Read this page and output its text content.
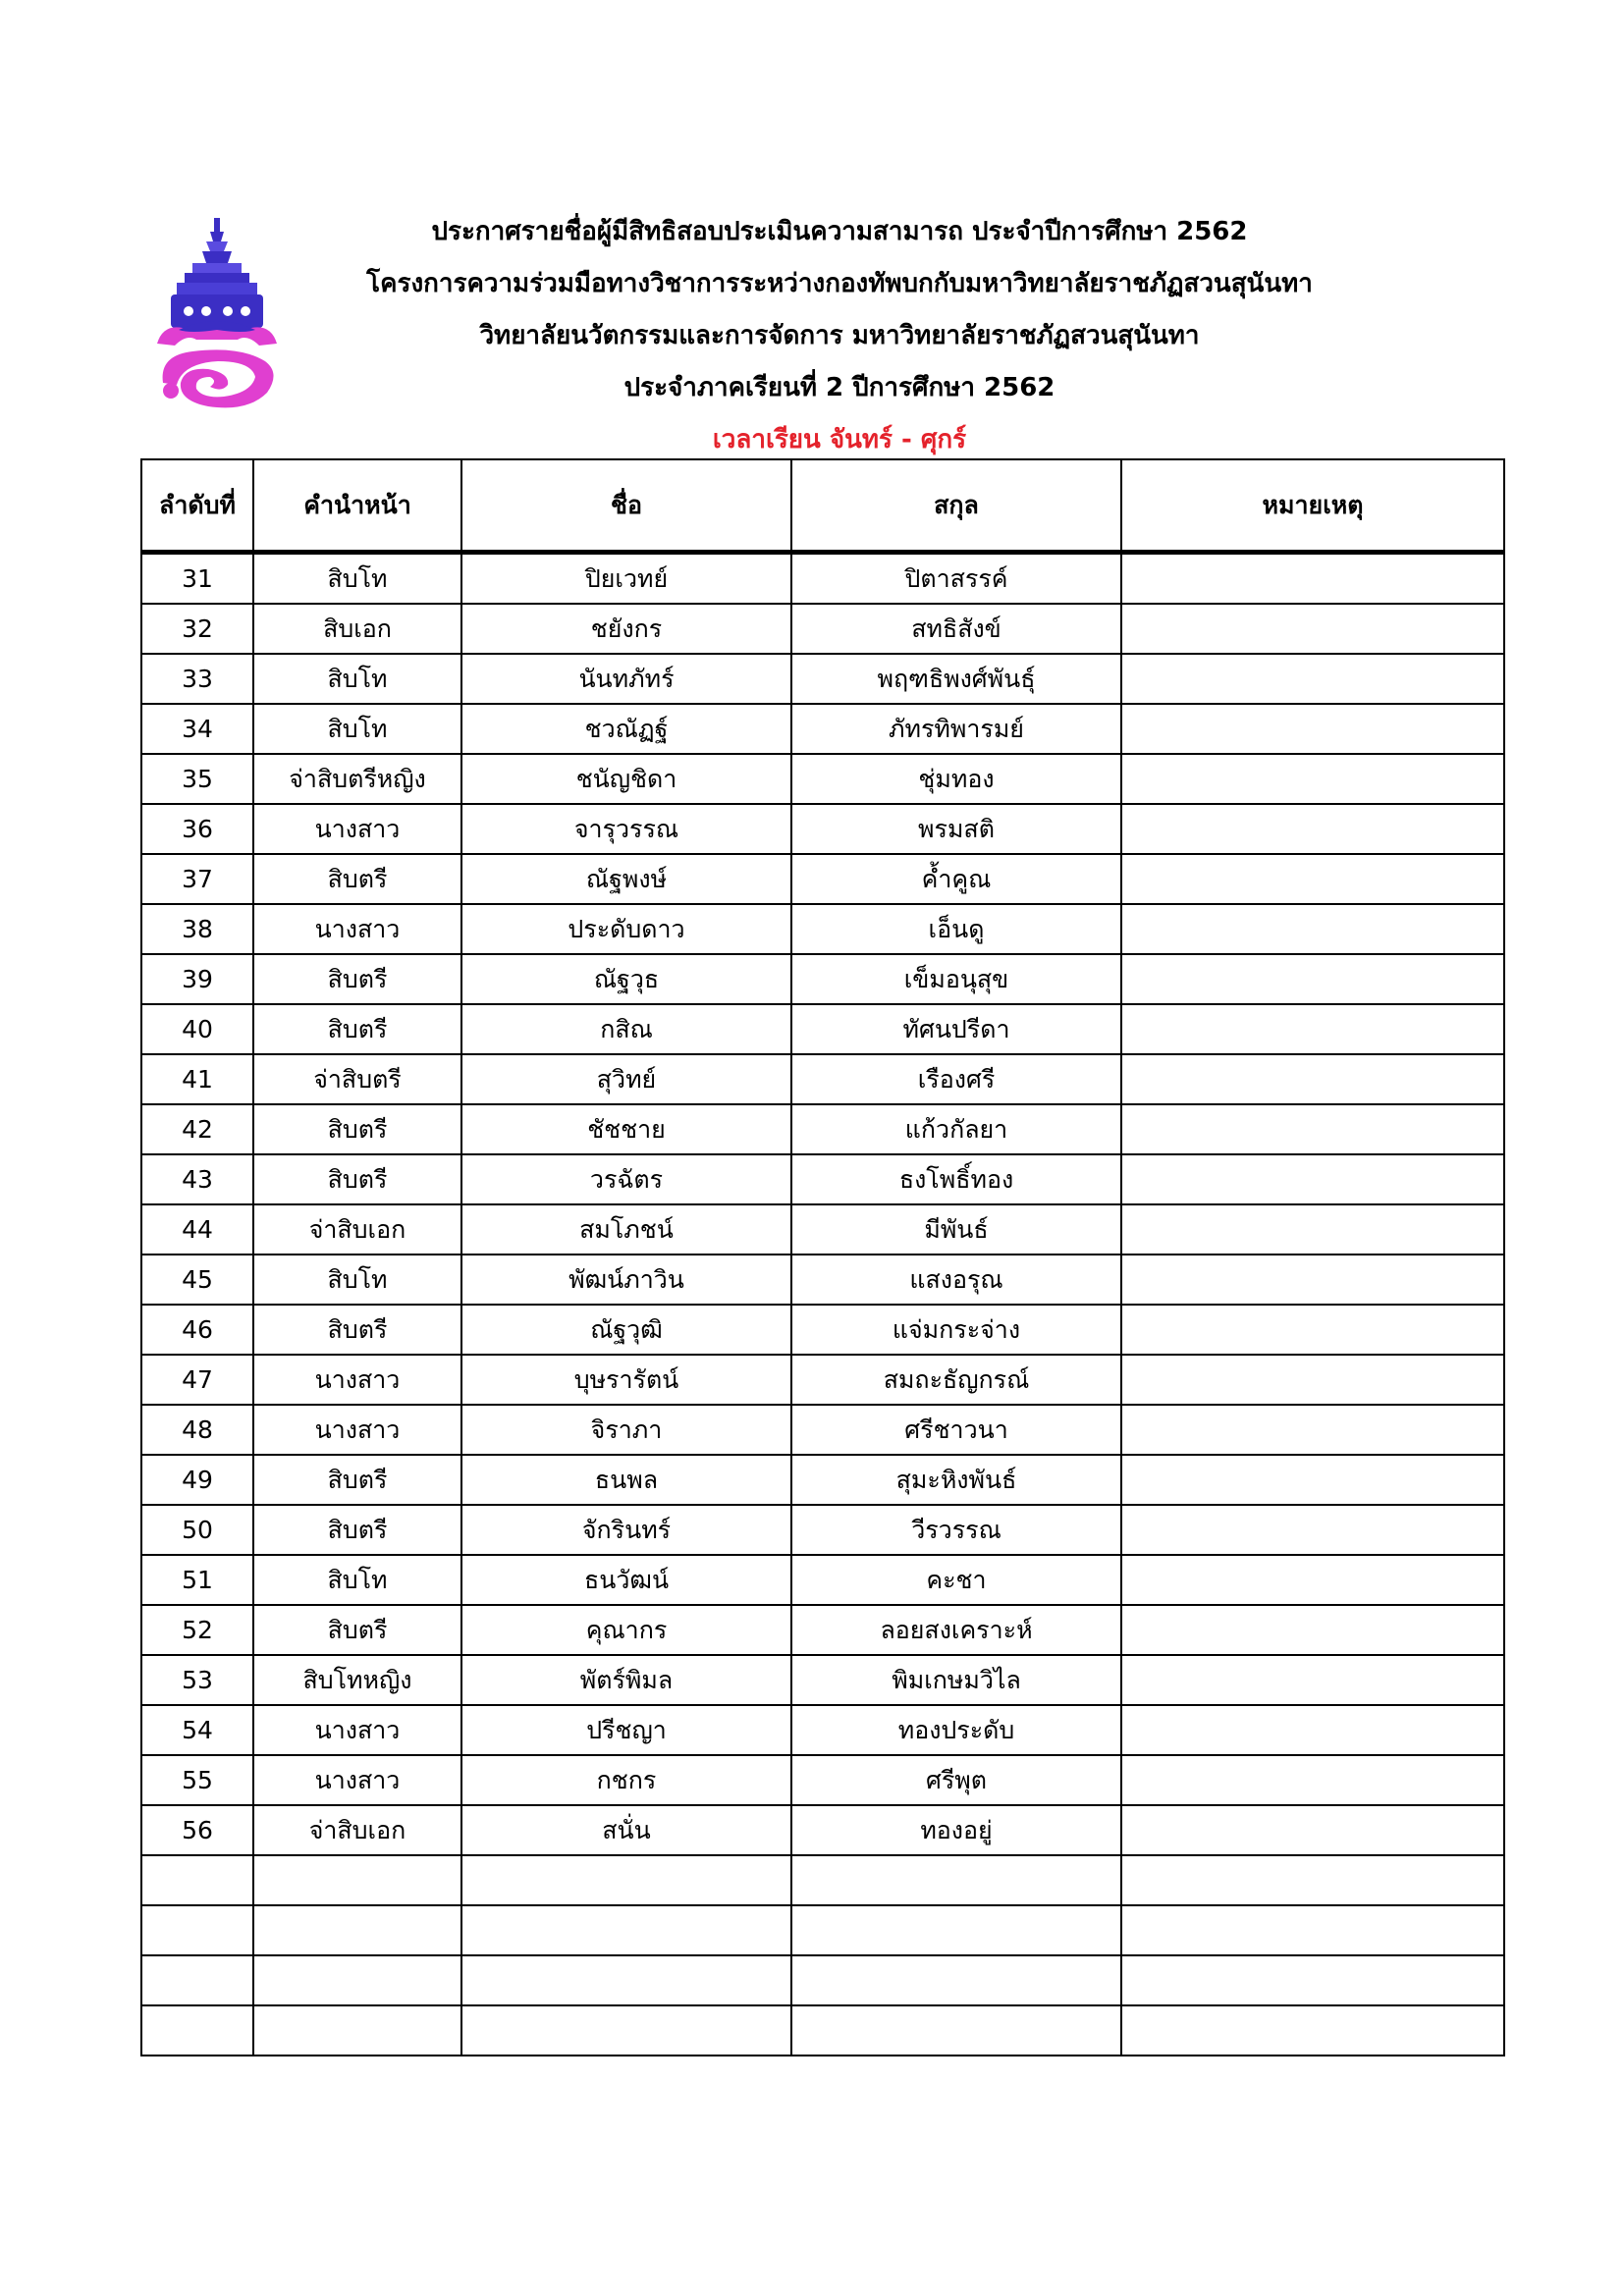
ประกาศรายชื่อผู้มีสิทธิสอบประเมินความสามารถ ประจำปีการศึกษา 2562
โครงการความร่วมมือทางวิชาการระหว่างกองทัพบกกับมหาวิทยาลัยราชภัฏสวนสุนันทา
วิทยาลัยนวัตกรรมและการจัดการ มหาวิทยาลัยราชภัฏสวนสุนันทา
ประจำภาคเรียนที่ 2 ปีการศึกษา 2562
เวลาเรียน จันทร์ - ศุกร์
ลำดับที่	คำนำหน้า	ชื่อ	สกุล	หมายเหตุ
31	สิบโท	ปิยเวทย์	ปิตาสรรค์	
32	สิบเอก	ชยังกร	สทธิสังข์	
33	สิบโท	นันทภัทร์	พฤฑธิพงศ์พันธุ์	
34	สิบโท	ชวณัฏฐ์	ภัทรทิพารมย์	
35	จ่าสิบตรีหญิง	ชนัญชิดา	ชุ่มทอง	
36	นางสาว	จารุวรรณ	พรมสติ	
37	สิบตรี	ณัฐพงษ์	ค้ำคูณ	
38	นางสาว	ประดับดาว	เอ็นดู	
39	สิบตรี	ณัฐวุธ	เข็มอนุสุข	
40	สิบตรี	กสิณ	ทัศนปรีดา	
41	จ่าสิบตรี	สุวิทย์	เรืองศรี	
42	สิบตรี	ชัชชาย	แก้วกัลยา	
43	สิบตรี	วรฉัตร	ธงโพธิ์ทอง	
44	จ่าสิบเอก	สมโภชน์	มีพันธ์	
45	สิบโท	พัฒน์ภาวิน	แสงอรุณ	
46	สิบตรี	ณัฐวุฒิ	แจ่มกระจ่าง	
47	นางสาว	บุษรารัตน์	สมถะธัญกรณ์	
48	นางสาว	จิราภา	ศรีชาวนา	
49	สิบตรี	ธนพล	สุมะหิงพันธ์	
50	สิบตรี	จักรินทร์	วีรวรรณ	
51	สิบโท	ธนวัฒน์	คะชา	
52	สิบตรี	คุณากร	ลอยสงเคราะห์	
53	สิบโทหญิง	พัตร์พิมล	พิมเกษมวิไล	
54	นางสาว	ปรีชญา	ทองประดับ	
55	นางสาว	กชกร	ศรีพุต	
56	จ่าสิบเอก	สนั่น	ทองอยู่	
